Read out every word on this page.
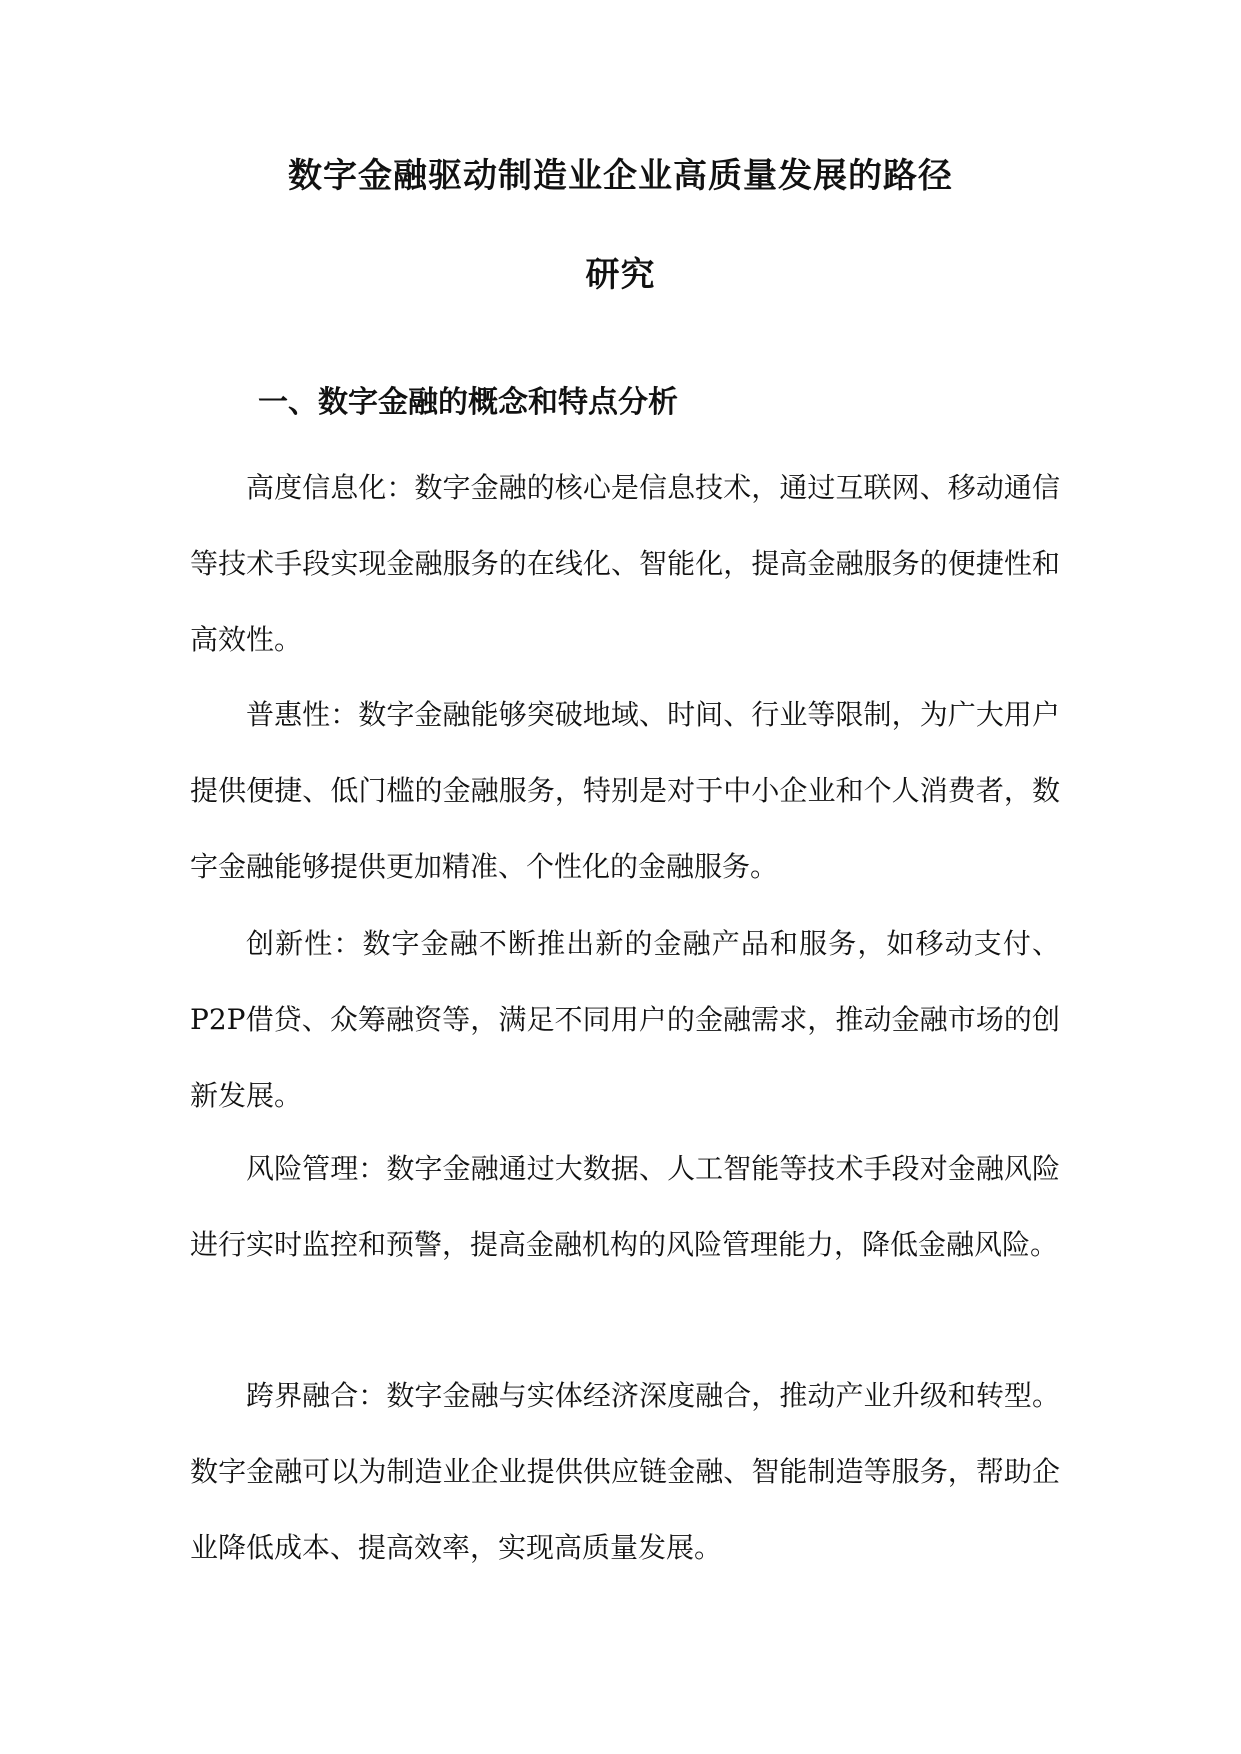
数字金融驱动制造业企业高质量发展的路径
研究
一、数字金融的概念和特点分析

高度信息化：数字金融的核心是信息技术，通过互联网、移动通信等技术手段实现金融服务的在线化、智能化，提高金融服务的便捷性和高效性。

普惠性：数字金融能够突破地域、时间、行业等限制，为广大用户提供便捷、低门槛的金融服务，特别是对于中小企业和个人消费者，数字金融能够提供更加精准、个性化的金融服务。

创新性：数字金融不断推出新的金融产品和服务，如移动支付、P2P借贷、众筹融资等，满足不同用户的金融需求，推动金融市场的创新发展。

风险管理：数字金融通过大数据、人工智能等技术手段对金融风险进行实时监控和预警，提高金融机构的风险管理能力，降低金融风险。

跨界融合：数字金融与实体经济深度融合，推动产业升级和转型。数字金融可以为制造业企业提供供应链金融、智能制造等服务，帮助企业降低成本、提高效率，实现高质量发展。
